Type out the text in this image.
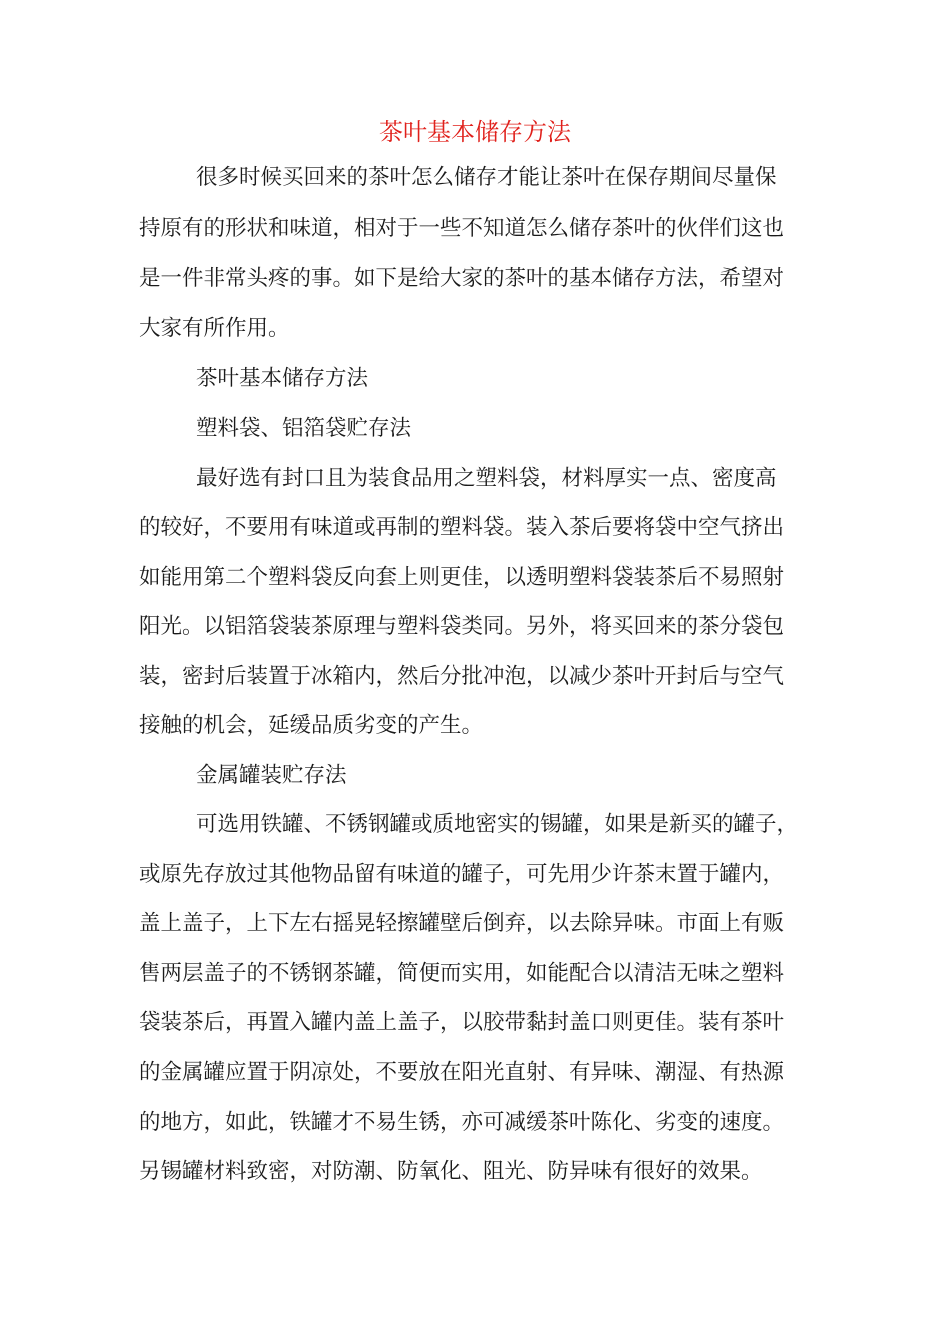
茶叶基本储存方法

很多时候买回来的茶叶怎么储存才能让茶叶在保存期间尽量保

持原有的形状和味道，相对于一些不知道怎么储存茶叶的伙伴们这也

是一件非常头疼的事。如下是给大家的茶叶的基本储存方法，希望对

大家有所作用。

茶叶基本储存方法

塑料袋、铝箔袋贮存法

最好选有封口且为装食品用之塑料袋，材料厚实一点、密度高

的较好，不要用有味道或再制的塑料袋。装入茶后要将袋中空气挤出

如能用第二个塑料袋反向套上则更佳，以透明塑料袋装茶后不易照射

阳光。以铝箔袋装茶原理与塑料袋类同。另外，将买回来的茶分袋包

装，密封后装置于冰箱内，然后分批冲泡，以减少茶叶开封后与空气

接触的机会，延缓品质劣变的产生。

金属罐装贮存法

可选用铁罐、不锈钢罐或质地密实的锡罐，如果是新买的罐子，

或原先存放过其他物品留有味道的罐子，可先用少许茶末置于罐内，

盖上盖子，上下左右摇晃轻擦罐壁后倒弃，以去除异味。市面上有贩

售两层盖子的不锈钢茶罐，简便而实用，如能配合以清洁无味之塑料

袋装茶后，再置入罐内盖上盖子，以胶带黏封盖口则更佳。装有茶叶

的金属罐应置于阴凉处，不要放在阳光直射、有异味、潮湿、有热源

的地方，如此，铁罐才不易生锈，亦可减缓茶叶陈化、劣变的速度。

另锡罐材料致密，对防潮、防氧化、阻光、防异味有很好的效果。
